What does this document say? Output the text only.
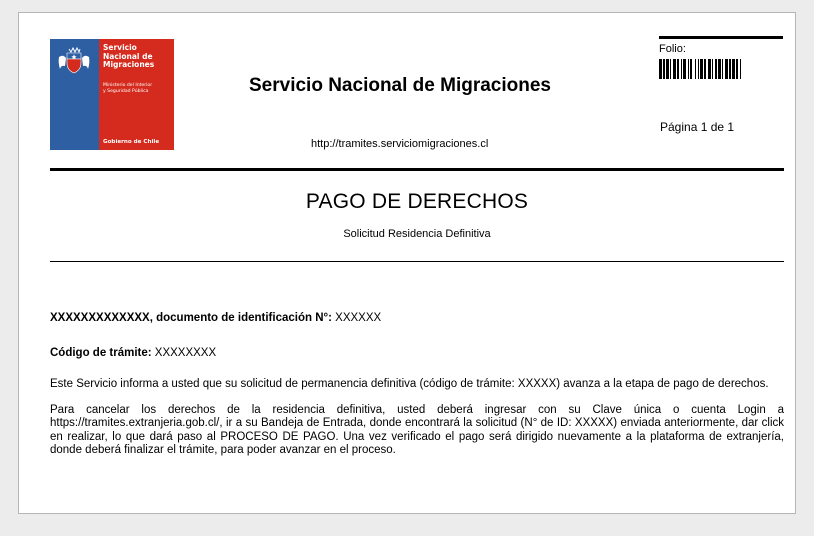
Servicio
Nacional de
Migraciones
Ministerio del Interior
y Seguridad Pública
Gobierno de Chile
Servicio Nacional de Migraciones
http://tramites.serviciomigraciones.cl
Folio:
Página 1 de 1
PAGO DE DERECHOS
Solicitud Residencia Definitiva
XXXXXXXXXXXXX, documento de identificación N°: XXXXXX
Código de trámite: XXXXXXXX
Este Servicio informa a usted que su solicitud de permanencia definitiva (código de trámite: XXXXX) avanza a la etapa de pago de derechos.
Para cancelar los derechos de la residencia definitiva, usted deberá ingresar con su Clave única o cuenta Login a https://tramites.extranjeria.gob.cl/, ir a su Bandeja de Entrada, donde encontrará la solicitud (N° de ID: XXXXX) enviada anteriormente, dar click en realizar, lo que dará paso al PROCESO DE PAGO. Una vez verificado el pago será dirigido nuevamente a la plataforma de extranjería, donde deberá finalizar el trámite, para poder avanzar en el proceso.
